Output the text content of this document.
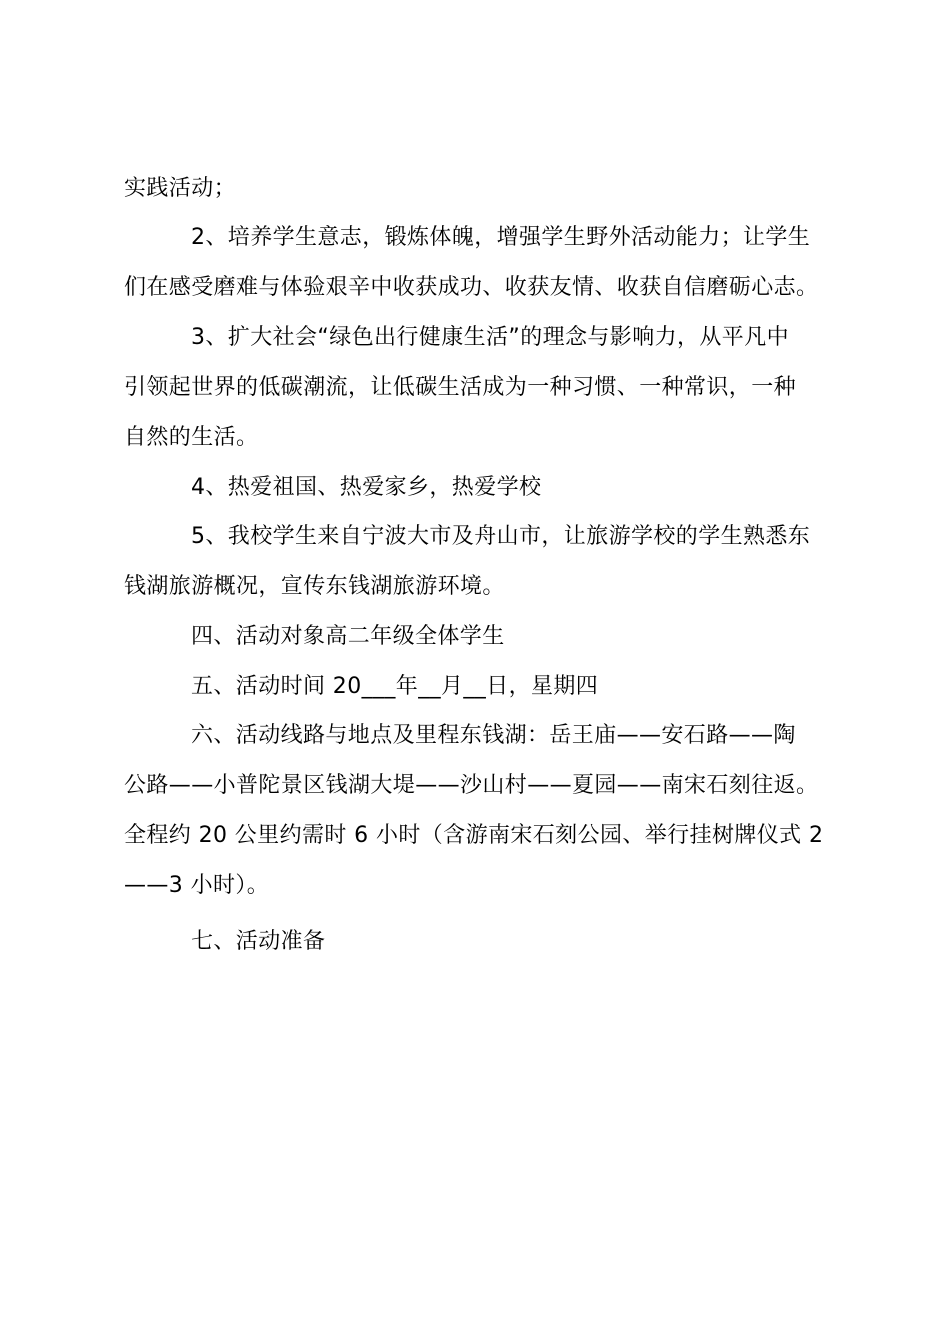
实践活动；
2、培养学生意志，锻炼体魄，增强学生野外活动能力；让学生
们在感受磨难与体验艰辛中收获成功、收获友情、收获自信磨砺心志。
3、扩大社会“绿色出行健康生活”的理念与影响力，从平凡中
引领起世界的低碳潮流，让低碳生活成为一种习惯、一种常识，一种
自然的生活。
4、热爱祖国、热爱家乡，热爱学校
5、我校学生来自宁波大市及舟山市，让旅游学校的学生熟悉东
钱湖旅游概况，宣传东钱湖旅游环境。
四、活动对象高二年级全体学生
五、活动时间 20___年__月__日，星期四
六、活动线路与地点及里程东钱湖：岳王庙——安石路——陶
公路——小普陀景区钱湖大堤——沙山村——夏园——南宋石刻往返。
全程约 20 公里约需时 6 小时（含游南宋石刻公园、举行挂树牌仪式 2
——3 小时）。
七、活动准备
